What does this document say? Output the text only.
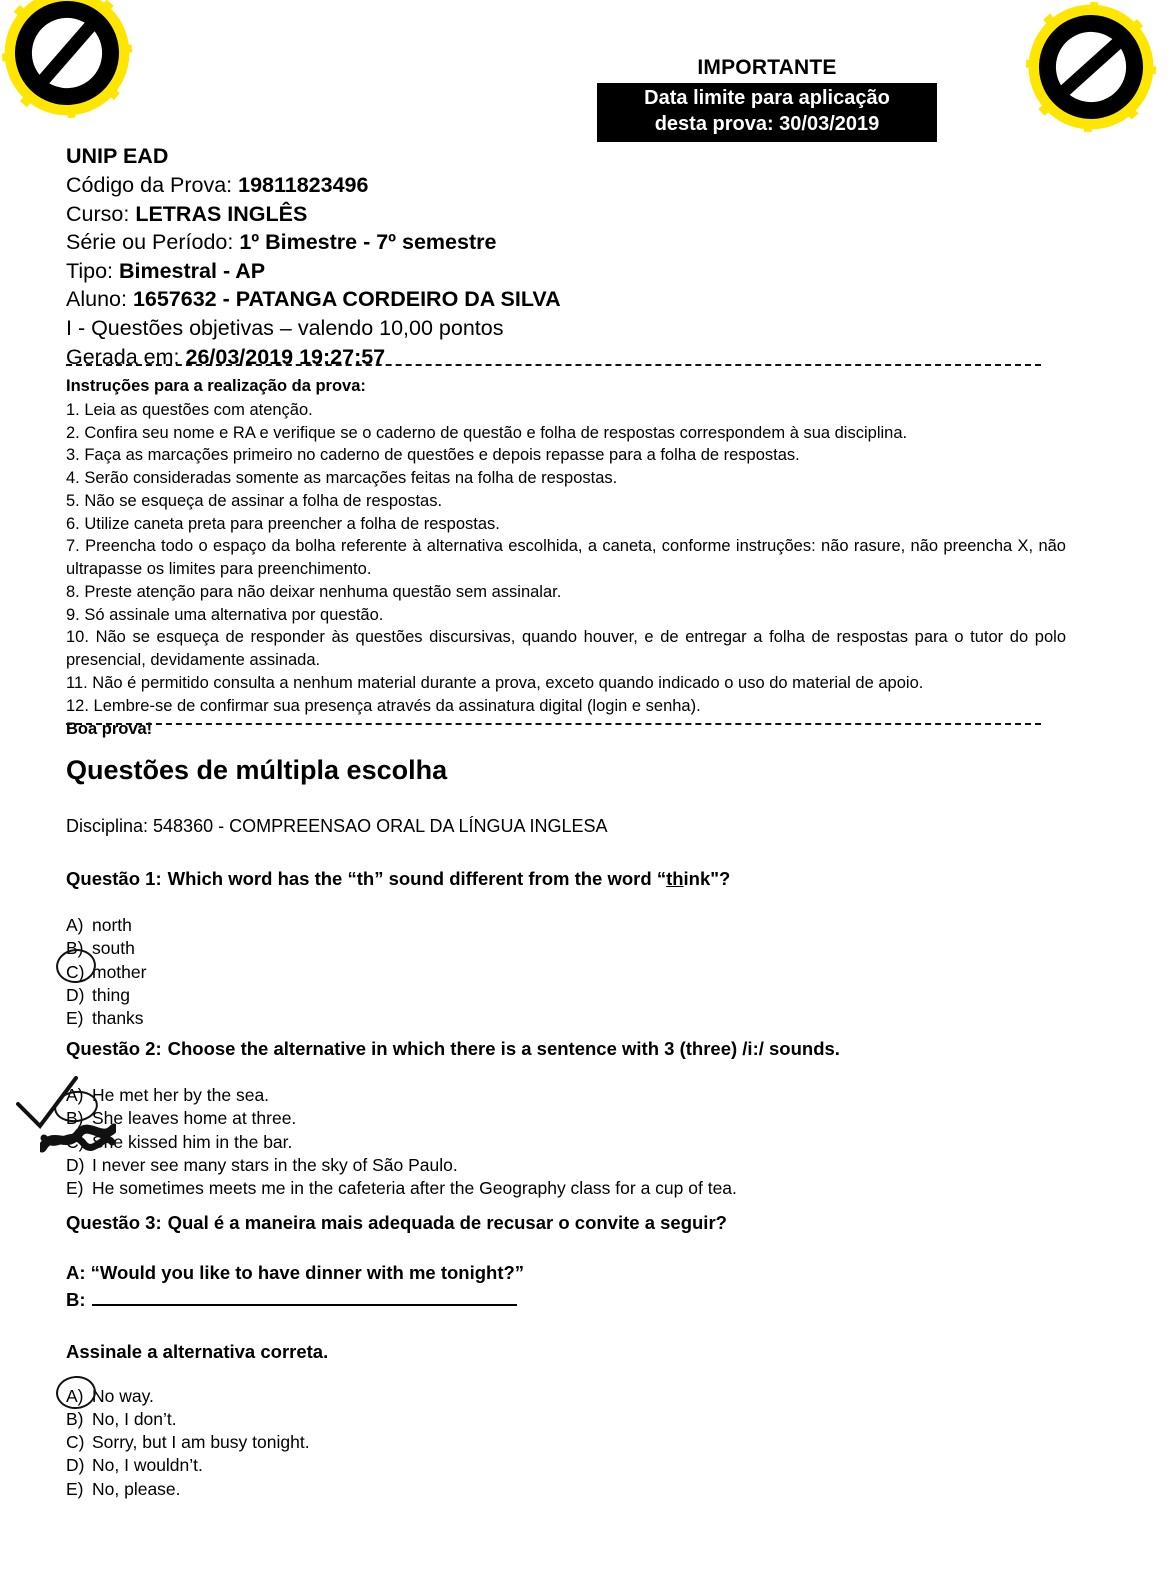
IMPORTANTE
Data limite para aplicação
desta prova: 30/03/2019
UNIP EAD
Código da Prova: 19811823496
Curso: LETRAS INGLÊS
Série ou Período: 1º Bimestre - 7º semestre
Tipo: Bimestral - AP
Aluno: 1657632 - PATANGA CORDEIRO DA SILVA
I - Questões objetivas – valendo 10,00 pontos
Gerada em: 26/03/2019 19:27:57

Instruções para a realização da prova:

1. Leia as questões com atenção.

2. Confira seu nome e RA e verifique se o caderno de questão e folha de respostas correspondem à sua disciplina.

3. Faça as marcações primeiro no caderno de questões e depois repasse para a folha de respostas.

4. Serão consideradas somente as marcações feitas na folha de respostas.

5. Não se esqueça de assinar a folha de respostas.

6. Utilize caneta preta para preencher a folha de respostas.

7. Preencha todo o espaço da bolha referente à alternativa escolhida, a caneta, conforme instruções: não rasure, não preencha X, não ultrapasse os limites para preenchimento.

8. Preste atenção para não deixar nenhuma questão sem assinalar.

9. Só assinale uma alternativa por questão.

10. Não se esqueça de responder às questões discursivas, quando houver, e de entregar a folha de respostas para o tutor do polo presencial, devidamente assinada.

11. Não é permitido consulta a nenhum material durante a prova, exceto quando indicado o uso do material de apoio.

12. Lembre-se de confirmar sua presença através da assinatura digital (login e senha).

Boa prova!

Questões de múltipla escolha
Disciplina: 548360 - COMPREENSAO ORAL DA LÍNGUA INGLESA
Questão 1: Which word has the “th” sound different from the word “think"?
A) north
B) south
C) mother
D) thing
E) thanks
Questão 2: Choose the alternative in which there is a sentence with 3 (three) /i:/ sounds.
A) He met her by the sea.
B) She leaves home at three.
C) She kissed him in the bar.
D) I never see many stars in the sky of São Paulo.
E) He sometimes meets me in the cafeteria after the Geography class for a cup of tea.
Questão 3: Qual é a maneira mais adequada de recusar o convite a seguir?
A: “Would you like to have dinner with me tonight?”
B:
Assinale a alternativa correta.
A) No way.
B) No, I don’t.
C) Sorry, but I am busy tonight.
D) No, I wouldn’t.
E) No, please.
